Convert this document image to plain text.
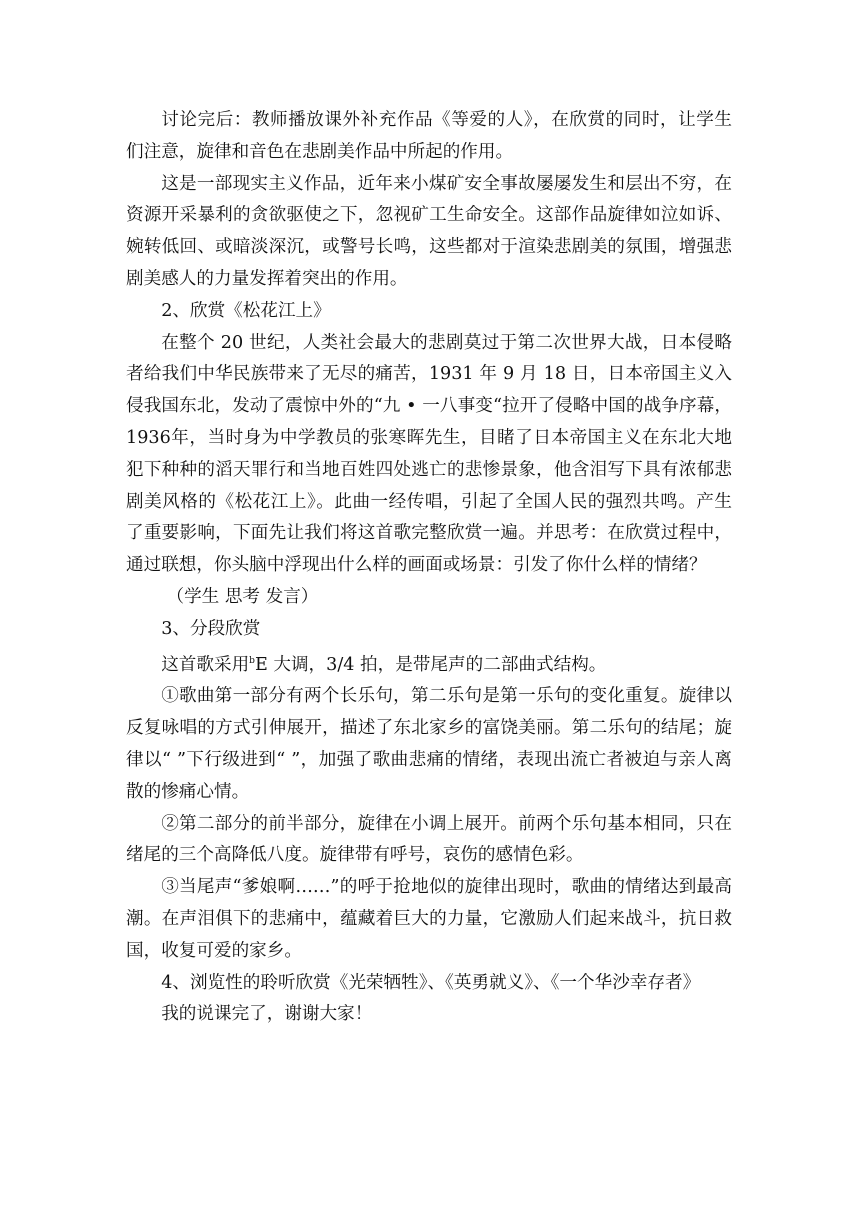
讨论完后：教师播放课外补充作品《等爱的人》，在欣赏的同时，让学生们注意，旋律和音色在悲剧美作品中所起的作用。

这是一部现实主义作品，近年来小煤矿安全事故屡屡发生和层出不穷，在资源开采暴利的贪欲驱使之下，忽视矿工生命安全。这部作品旋律如泣如诉、婉转低回、或暗淡深沉，或警号长鸣，这些都对于渲染悲剧美的氛围，增强悲剧美感人的力量发挥着突出的作用。

2、欣赏《松花江上》

在整个 20 世纪，人类社会最大的悲剧莫过于第二次世界大战，日本侵略者给我们中华民族带来了无尽的痛苦，1931 年 9 月 18 日，日本帝国主义入侵我国东北，发动了震惊中外的“九 • 一八事变“拉开了侵略中国的战争序幕，1936年，当时身为中学教员的张寒晖先生，目睹了日本帝国主义在东北大地犯下种种的滔天罪行和当地百姓四处逃亡的悲惨景象，他含泪写下具有浓郁悲剧美风格的《松花江上》。此曲一经传唱，引起了全国人民的强烈共鸣。产生了重要影响，下面先让我们将这首歌完整欣赏一遍。并思考：在欣赏过程中，通过联想，你头脑中浮现出什么样的画面或场景：引发了你什么样的情绪？

（学生 思考 发言）

3、分段欣赏

这首歌采用$^b$E 大调，3/4 拍，是带尾声的二部曲式结构。

①歌曲第一部分有两个长乐句，第二乐句是第一乐句的变化重复。旋律以反复咏唱的方式引伸展开，描述了东北家乡的富饶美丽。第二乐句的结尾；旋律以“ ”下行级进到“ ”，加强了歌曲悲痛的情绪，表现出流亡者被迫与亲人离散的惨痛心情。

②第二部分的前半部分，旋律在小调上展开。前两个乐句基本相同，只在绪尾的三个高降低八度。旋律带有呼号，哀伤的感情色彩。

③当尾声“爹娘啊……”的呼于抢地似的旋律出现时，歌曲的情绪达到最高潮。在声泪俱下的悲痛中，蕴藏着巨大的力量，它激励人们起来战斗，抗日救国，收复可爱的家乡。

4、浏览性的聆听欣赏《光荣牺牲》、《英勇就义》、《一个华沙幸存者》

我的说课完了，谢谢大家！
